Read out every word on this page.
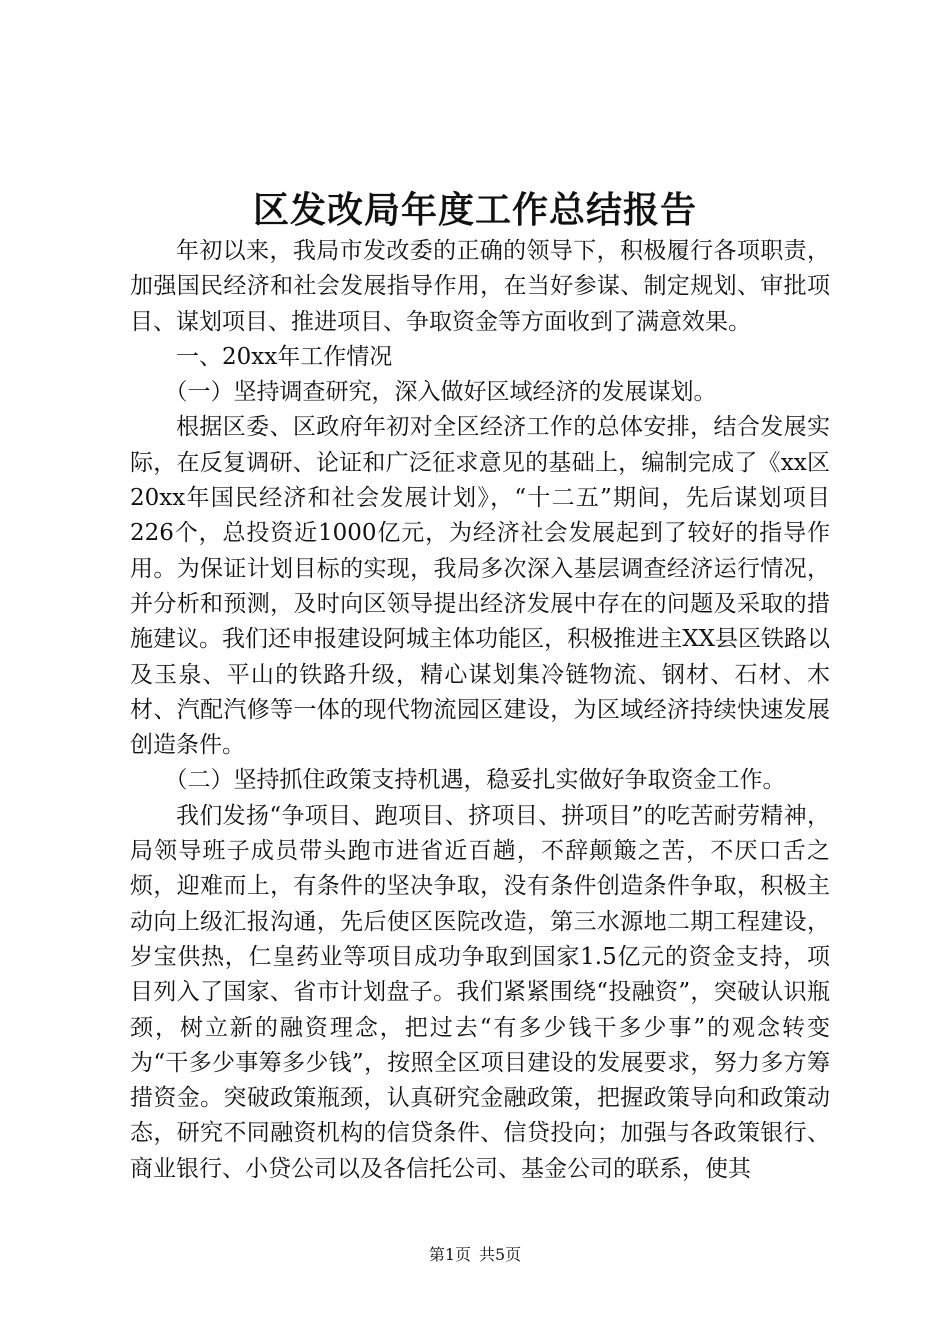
区发改局年度工作总结报告

年初以来，我局市发改委的正确的领导下，积极履行各项职责，加强国民经济和社会发展指导作用，在当好参谋、制定规划、审批项目、谋划项目、推进项目、争取资金等方面收到了满意效果。

一、20xx年工作情况

（一）坚持调查研究，深入做好区域经济的发展谋划。

根据区委、区政府年初对全区经济工作的总体安排，结合发展实际，在反复调研、论证和广泛征求意见的基础上，编制完成了《xx区20xx年国民经济和社会发展计划》，“十二五”期间，先后谋划项目226个，总投资近1000亿元，为经济社会发展起到了较好的指导作用。为保证计划目标的实现，我局多次深入基层调查经济运行情况，并分析和预测，及时向区领导提出经济发展中存在的问题及采取的措施建议。我们还申报建设阿城主体功能区，积极推进主XX县区铁路以及玉泉、平山的铁路升级，精心谋划集冷链物流、钢材、石材、木材、汽配汽修等一体的现代物流园区建设，为区域经济持续快速发展创造条件。

（二）坚持抓住政策支持机遇，稳妥扎实做好争取资金工作。

我们发扬“争项目、跑项目、挤项目、拼项目”的吃苦耐劳精神，局领导班子成员带头跑市进省近百趟，不辞颠簸之苦，不厌口舌之烦，迎难而上，有条件的坚决争取，没有条件创造条件争取，积极主动向上级汇报沟通，先后使区医院改造，第三水源地二期工程建设，岁宝供热，仁皇药业等项目成功争取到国家1.5亿元的资金支持，项目列入了国家、省市计划盘子。我们紧紧围绕“投融资”，突破认识瓶颈，树立新的融资理念，把过去“有多少钱干多少事”的观念转变为“干多少事筹多少钱”，按照全区项目建设的发展要求，努力多方筹措资金。突破政策瓶颈，认真研究金融政策，把握政策导向和政策动态，研究不同融资机构的信贷条件、信贷投向；加强与各政策银行、商业银行、小贷公司以及各信托公司、基金公司的联系，使其

第1页 共5页
